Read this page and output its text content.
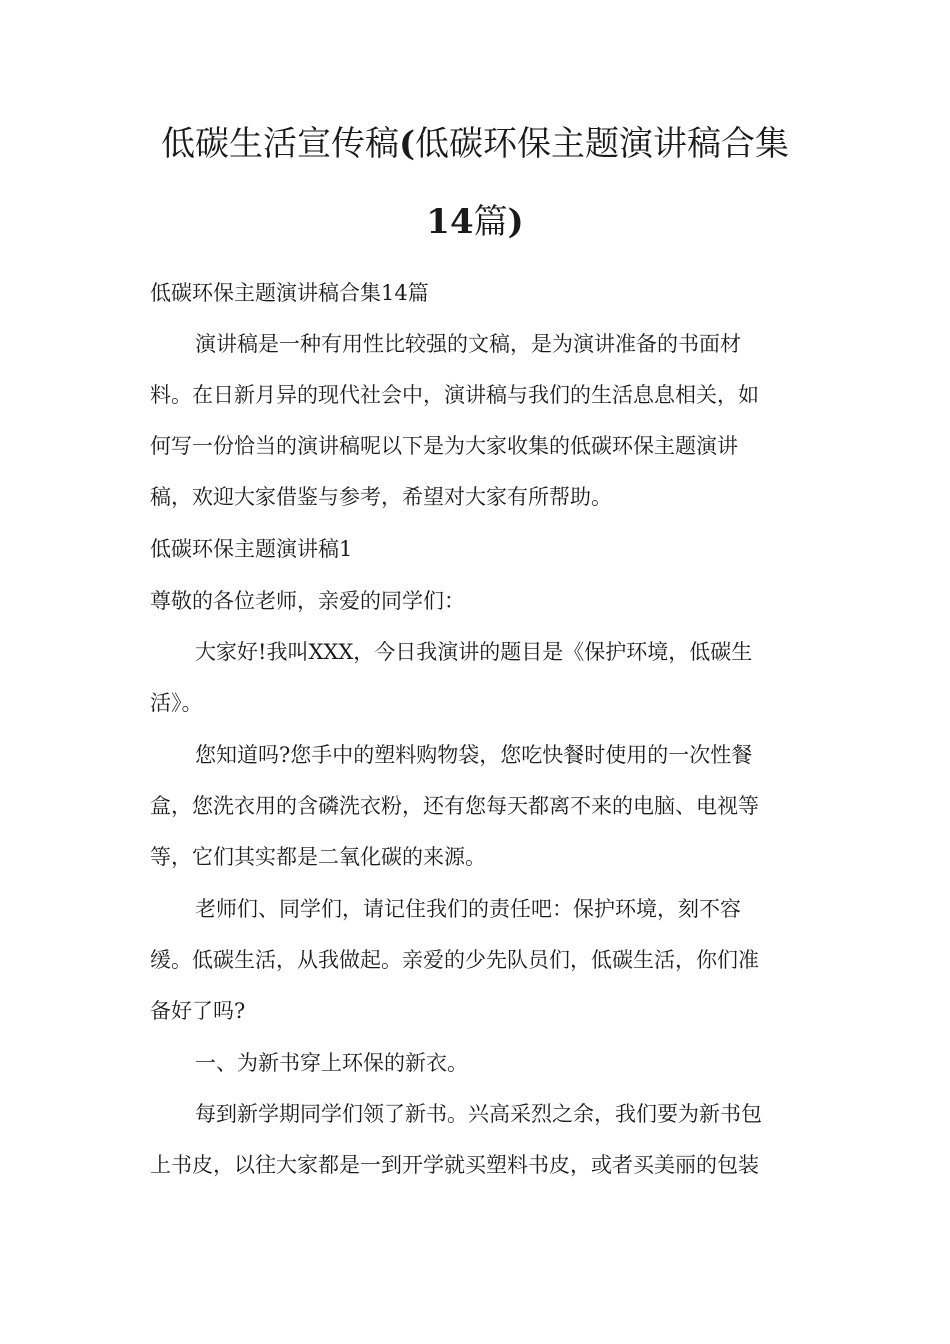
低碳生活宣传稿(低碳环保主题演讲稿合集
14篇)
低碳环保主题演讲稿合集14篇
演讲稿是一种有用性比较强的文稿，是为演讲准备的书面材
料。在日新月异的现代社会中，演讲稿与我们的生活息息相关，如
何写一份恰当的演讲稿呢以下是为大家收集的低碳环保主题演讲
稿，欢迎大家借鉴与参考，希望对大家有所帮助。
低碳环保主题演讲稿1
尊敬的各位老师，亲爱的同学们：
大家好!我叫XXX，今日我演讲的题目是《保护环境，低碳生
活》。
您知道吗?您手中的塑料购物袋，您吃快餐时使用的一次性餐
盒，您洗衣用的含磷洗衣粉，还有您每天都离不来的电脑、电视等
等，它们其实都是二氧化碳的来源。
老师们、同学们，请记住我们的责任吧：保护环境，刻不容
缓。低碳生活，从我做起。亲爱的少先队员们，低碳生活，你们准
备好了吗?
一、为新书穿上环保的新衣。
每到新学期同学们领了新书。兴高采烈之余，我们要为新书包
上书皮，以往大家都是一到开学就买塑料书皮，或者买美丽的包装
